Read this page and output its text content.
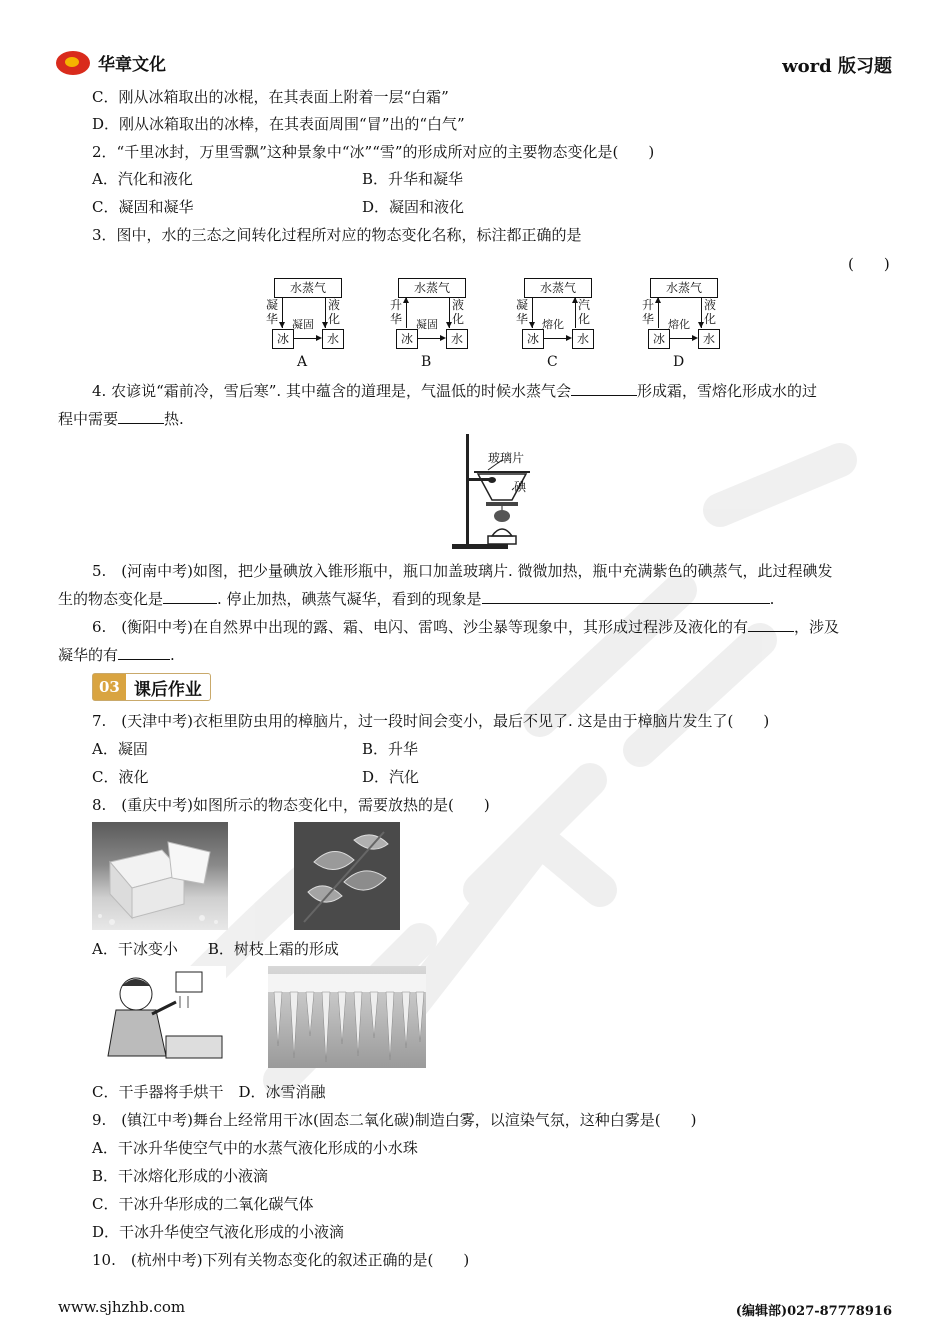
华章文化	word 版习题
C．刚从冰箱取出的冰棍，在其表面上附着一层“白霜”
D．刚从冰箱取出的冰棒，在其表面周围“冒”出的“白气”
2．“千里冰封，万里雪飘”这种景象中“冰”“雪”的形成所对应的主要物态变化是(　　)
A．汽化和液化	B．升华和凝华
C．凝固和凝华	D．凝固和液化
3．图中，水的三态之间转化过程所对应的物态变化名称，标注都正确的是
(　　)
水蒸气
冰	水
凝华
液化
凝固
A
水蒸气
冰	水
升华
液化
凝固
B
水蒸气
冰	水
凝华
汽化
熔化
C
水蒸气
冰	水
升华
液化
熔化
D
4. 农谚说“霜前冷，雪后寒”. 其中蕴含的道理是，气温低的时候水蒸气会	形成霜，雪熔化形成水的过
程中需要	热.
玻璃片
碘
5.　(河南中考)如图，把少量碘放入锥形瓶中，瓶口加盖玻璃片. 微微加热，瓶中充满紫色的碘蒸气，此过程碘发
生的物态变化是	. 停止加热，碘蒸气凝华，看到的现象是	.
6.　(衡阳中考)在自然界中出现的露、霜、电闪、雷鸣、沙尘暴等现象中，其形成过程涉及液化的有	，涉及
凝华的有	.
03 课后作业
7.　(天津中考)衣柜里防虫用的樟脑片，过一段时间会变小，最后不见了. 这是由于樟脑片发生了(　　)
A．凝固	B．升华
C．液化	D．汽化
8.　(重庆中考)如图所示的物态变化中，需要放热的是(　　)
A．干冰变小　　B．树枝上霜的形成
C．干手器将手烘干　D．冰雪消融
9.　(镇江中考)舞台上经常用干冰(固态二氧化碳)制造白雾，以渲染气氛，这种白雾是(　　)
A．干冰升华使空气中的水蒸气液化形成的小水珠
B．干冰熔化形成的小液滴
C．干冰升华形成的二氧化碳气体
D．干冰升华使空气液化形成的小液滴
10.　(杭州中考)下列有关物态变化的叙述正确的是(　　)
www.sjhzhb.com	(编辑部)027-87778916
